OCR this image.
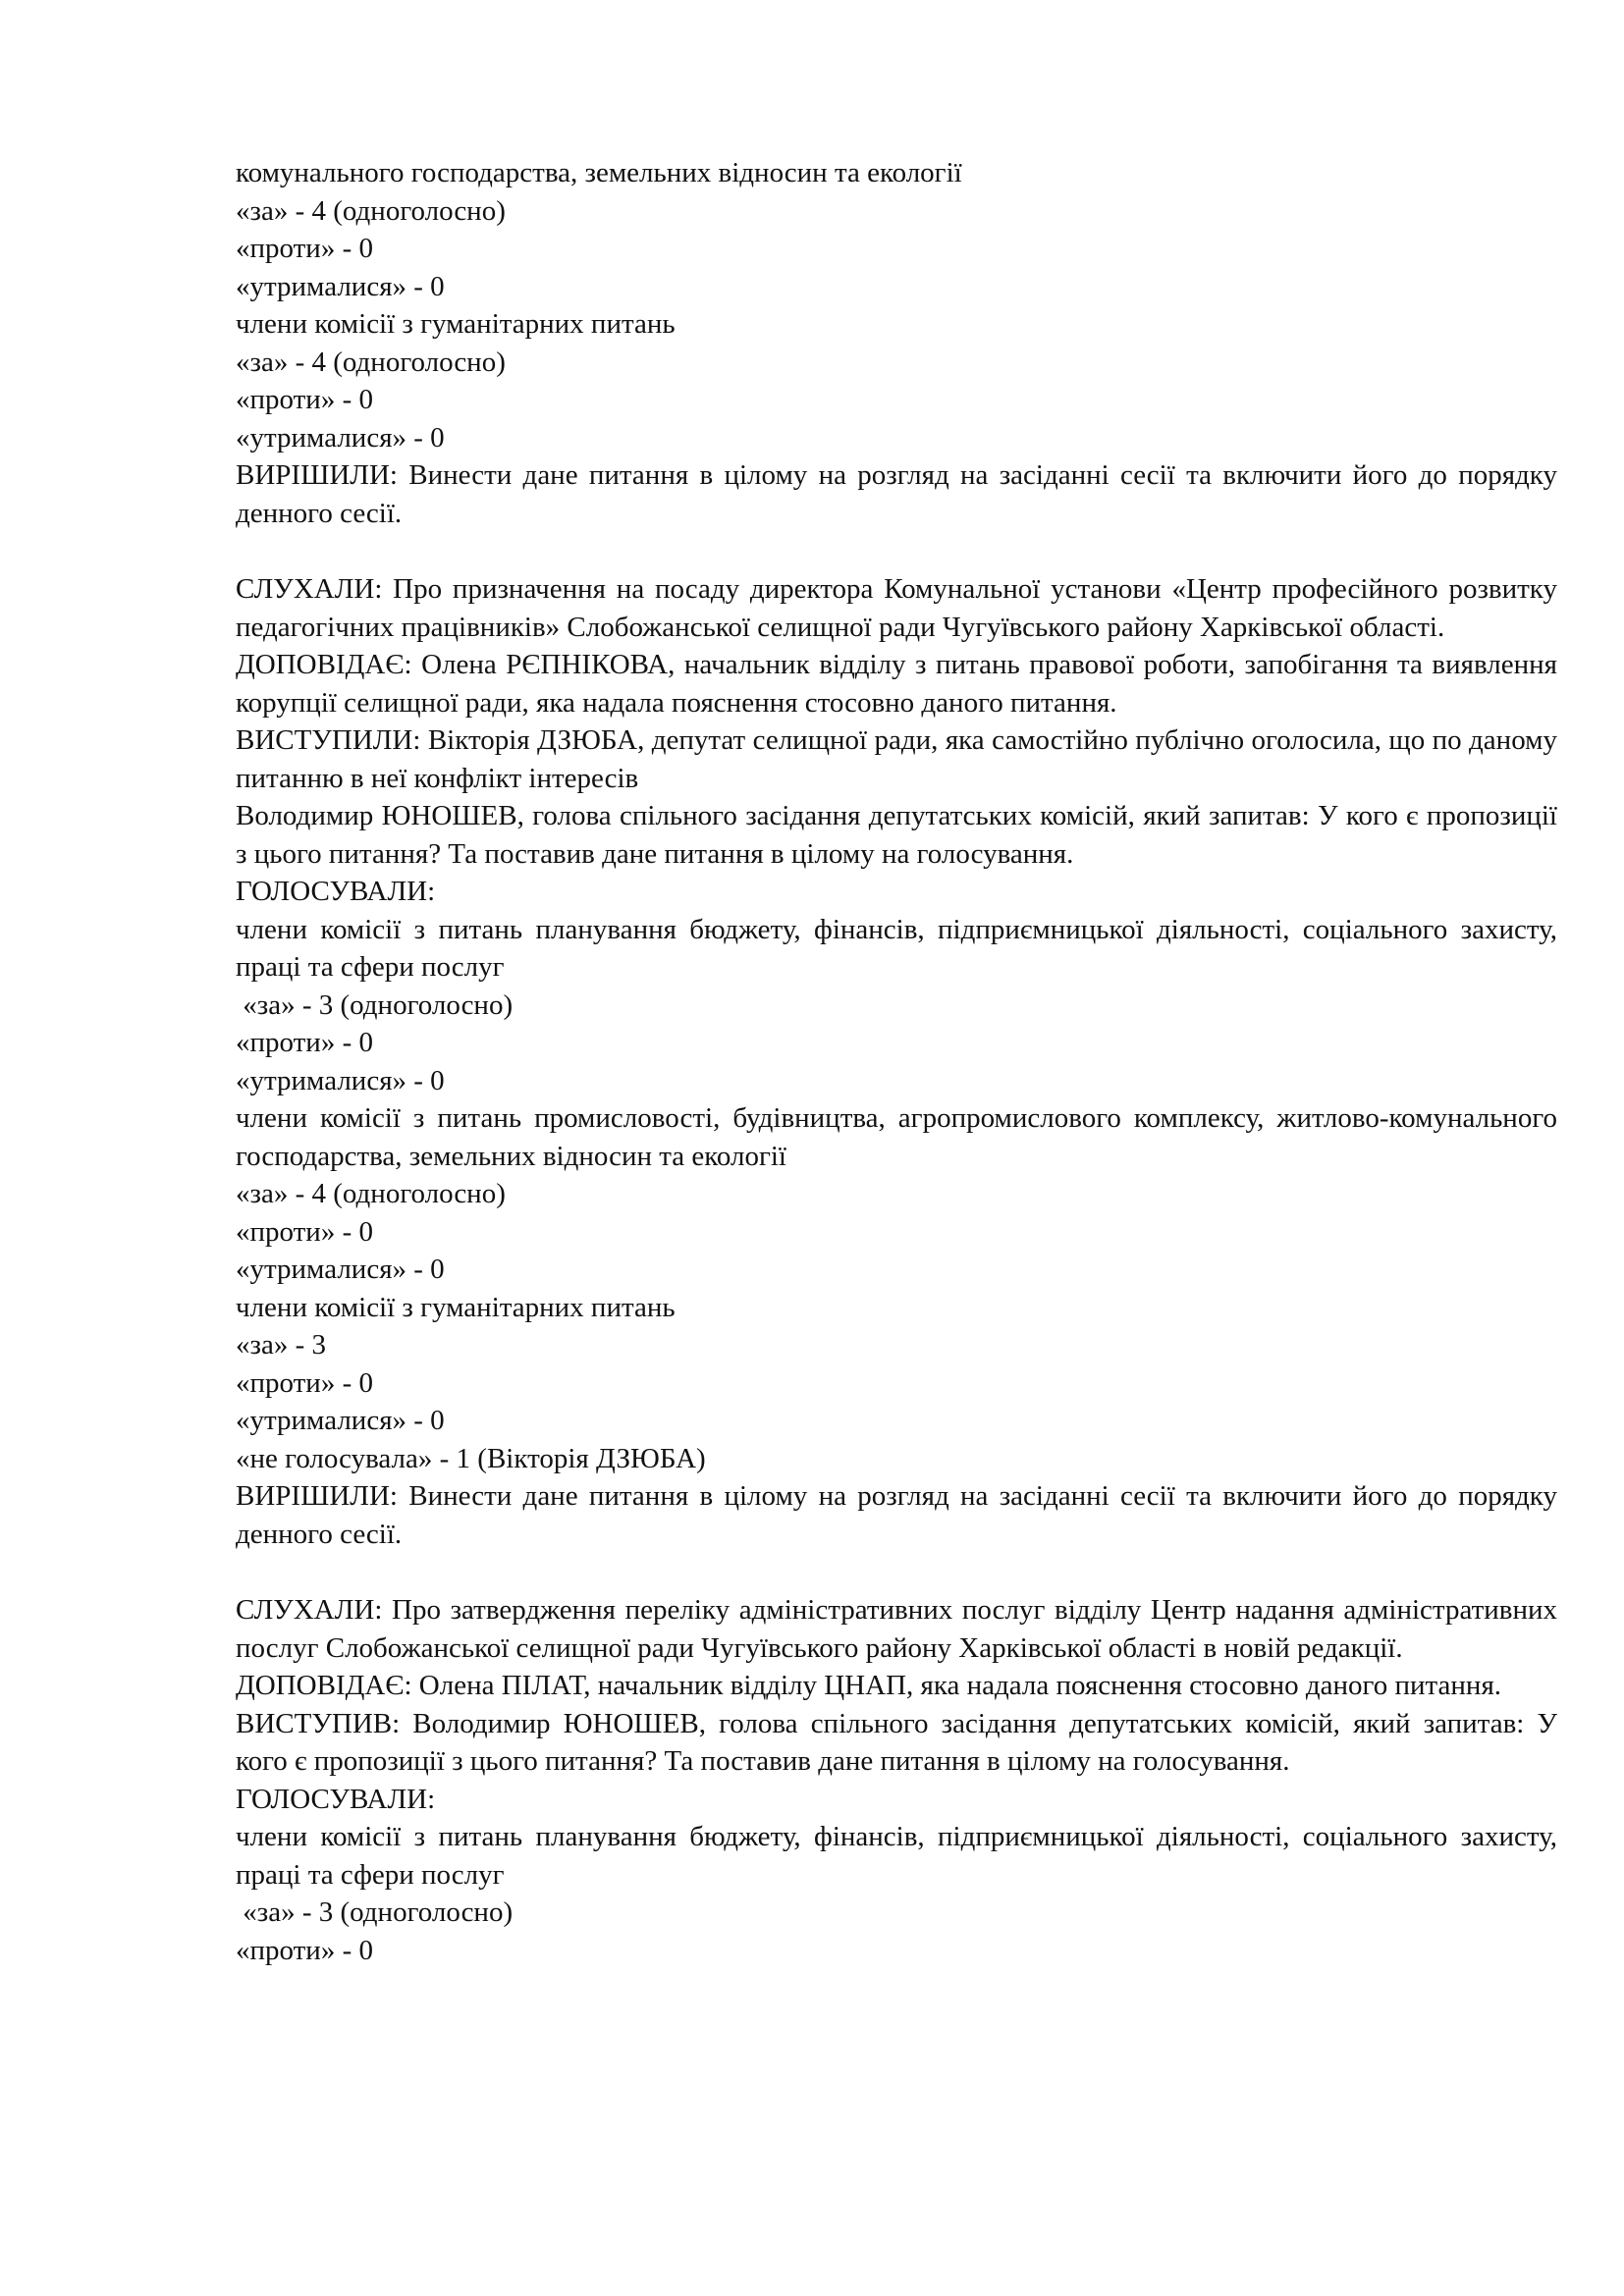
комунального господарства, земельних відносин та екології

«за» - 4 (одноголосно)

«проти» - 0

«утрималися» - 0

члени комісії з гуманітарних питань

«за» - 4 (одноголосно)

«проти» - 0

«утрималися» - 0

ВИРІШИЛИ: Винести дане питання в цілому на розгляд на засіданні сесії та включити його до порядку денного сесії.

СЛУХАЛИ: Про призначення на посаду директора Комунальної установи «Центр професійного розвитку педагогічних працівників» Слобожанської селищної ради Чугуївського району Харківської області.

ДОПОВІДАЄ: Олена РЄПНІКОВА, начальник відділу з питань правової роботи, запобігання та виявлення корупції селищної ради, яка надала пояснення стосовно даного питання.

ВИСТУПИЛИ: Вікторія ДЗЮБА, депутат селищної ради, яка самостійно публічно оголосила, що по даному питанню в неї конфлікт інтересів

Володимир ЮНОШЕВ, голова спільного засідання депутатських комісій, який запитав: У кого є пропозиції з цього питання? Та поставив дане питання в цілому на голосування.

ГОЛОСУВАЛИ:

члени комісії з питань планування бюджету, фінансів, підприємницької діяльності, соціального захисту, праці та сфери послуг

«за» - 3 (одноголосно)

«проти» - 0

«утрималися» - 0

члени комісії з питань промисловості, будівництва, агропромислового комплексу, житлово-комунального господарства, земельних відносин та екології

«за» - 4 (одноголосно)

«проти» - 0

«утрималися» - 0

члени комісії з гуманітарних питань

«за» - 3

«проти» - 0

«утрималися» - 0

«не голосувала» - 1 (Вікторія ДЗЮБА)

ВИРІШИЛИ: Винести дане питання в цілому на розгляд на засіданні сесії та включити його до порядку денного сесії.

СЛУХАЛИ: Про затвердження переліку адміністративних послуг відділу Центр надання адміністративних послуг Слобожанської селищної ради Чугуївського району Харківської області в новій редакції.

ДОПОВІДАЄ: Олена ПІЛАТ, начальник відділу ЦНАП, яка надала пояснення стосовно даного питання.

ВИСТУПИВ: Володимир ЮНОШЕВ, голова спільного засідання депутатських комісій, який запитав: У кого є пропозиції з цього питання? Та поставив дане питання в цілому на голосування.

ГОЛОСУВАЛИ:

члени комісії з питань планування бюджету, фінансів, підприємницької діяльності, соціального захисту, праці та сфери послуг

«за» - 3 (одноголосно)

«проти» - 0
